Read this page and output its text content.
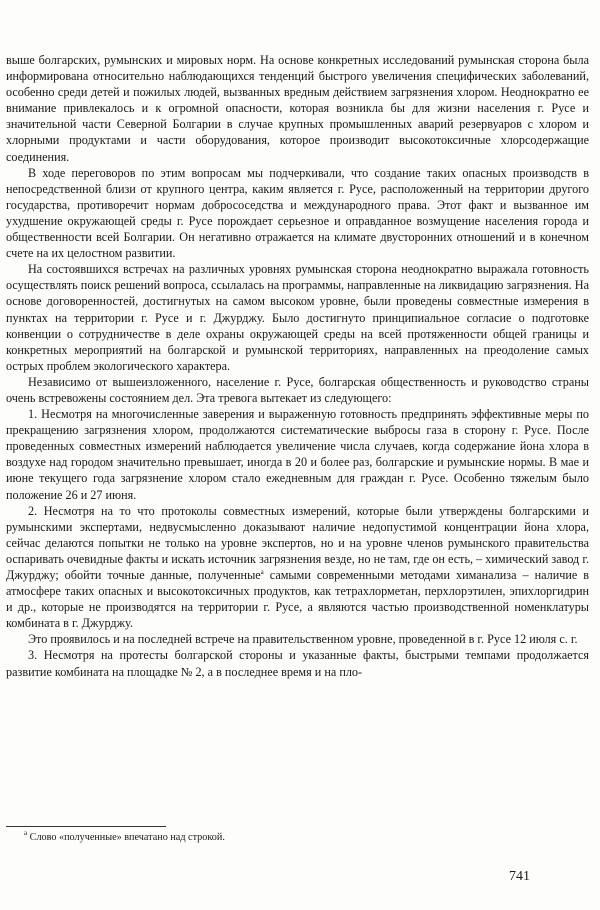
выше болгарских, румынских и мировых норм. На основе конкретных исследований румынская сторона была информирована относительно наблюдающихся тенденций быстрого увеличения специфических заболеваний, особенно среди детей и пожилых людей, вызванных вредным действием загрязнения хлором. Неоднократно ее внимание привлекалось и к огромной опасности, которая возникла бы для жизни населения г. Русе и значительной части Северной Болгарии в случае крупных промышленных аварий резервуаров с хлором и хлорными продуктами и части оборудования, которое производит высокотоксичные хлорсодержащие соединения.

В ходе переговоров по этим вопросам мы подчеркивали, что создание таких опасных производств в непосредственной близи от крупного центра, каким является г. Русе, расположенный на территории другого государства, противоречит нормам добрососедства и международного права. Этот факт и вызванное им ухудшение окружающей среды г. Русе порождает серьезное и оправданное возмущение населения города и общественности всей Болгарии. Он негативно отражается на климате двусторонних отношений и в конечном счете на их целостном развитии.

На состоявшихся встречах на различных уровнях румынская сторона неоднократно выражала готовность осуществлять поиск решений вопроса, ссылалась на программы, направленные на ликвидацию загрязнения. На основе договоренностей, достигнутых на самом высоком уровне, были проведены совместные измерения в пунктах на территории г. Русе и г. Джурджу. Было достигнуто принципиальное согласие о подготовке конвенции о сотрудничестве в деле охраны окружающей среды на всей протяженности общей границы и конкретных мероприятий на болгарской и румынской территориях, направленных на преодоление самых острых проблем экологического характера.

Независимо от вышеизложенного, население г. Русе, болгарская общественность и руководство страны очень встревожены состоянием дел. Эта тревога вытекает из следующего:

1. Несмотря на многочисленные заверения и выраженную готовность предпринять эффективные меры по прекращению загрязнения хлором, продолжаются систематические выбросы газа в сторону г. Русе. После проведенных совместных измерений наблюдается увеличение числа случаев, когда содержание йона хлора в воздухе над городом значительно превышает, иногда в 20 и более раз, болгарские и румынские нормы. В мае и июне текущего года загрязнение хлором стало ежедневным для граждан г. Русе. Особенно тяжелым было положение 26 и 27 июня.

2. Несмотря на то что протоколы совместных измерений, которые были утверждены болгарскими и румынскими экспертами, недвусмысленно доказывают наличие недопустимой концентрации йона хлора, сейчас делаются попытки не только на уровне экспертов, но и на уровне членов румынского правительства оспаривать очевидные факты и искать источник загрязнения везде, но не там, где он есть, – химический завод г. Джурджу; обойти точные данные, полученные$^а$ самыми современными методами химанализа – наличие в атмосфере таких опасных и высокотоксичных продуктов, как тетрахлорметан, перхлорэтилен, эпихлоргидрин и др., которые не производятся на территории г. Русе, а являются частью производственной номенклатуры комбината в г. Джурджу.

Это проявилось и на последней встрече на правительственном уровне, проведенной в г. Русе 12 июля с. г.

3. Несмотря на протесты болгарской стороны и указанные факты, быстрыми темпами продолжается развитие комбината на площадке № 2, а в последнее время и на пло-

$^а$ Слово «полученные» впечатано над строкой.
741
